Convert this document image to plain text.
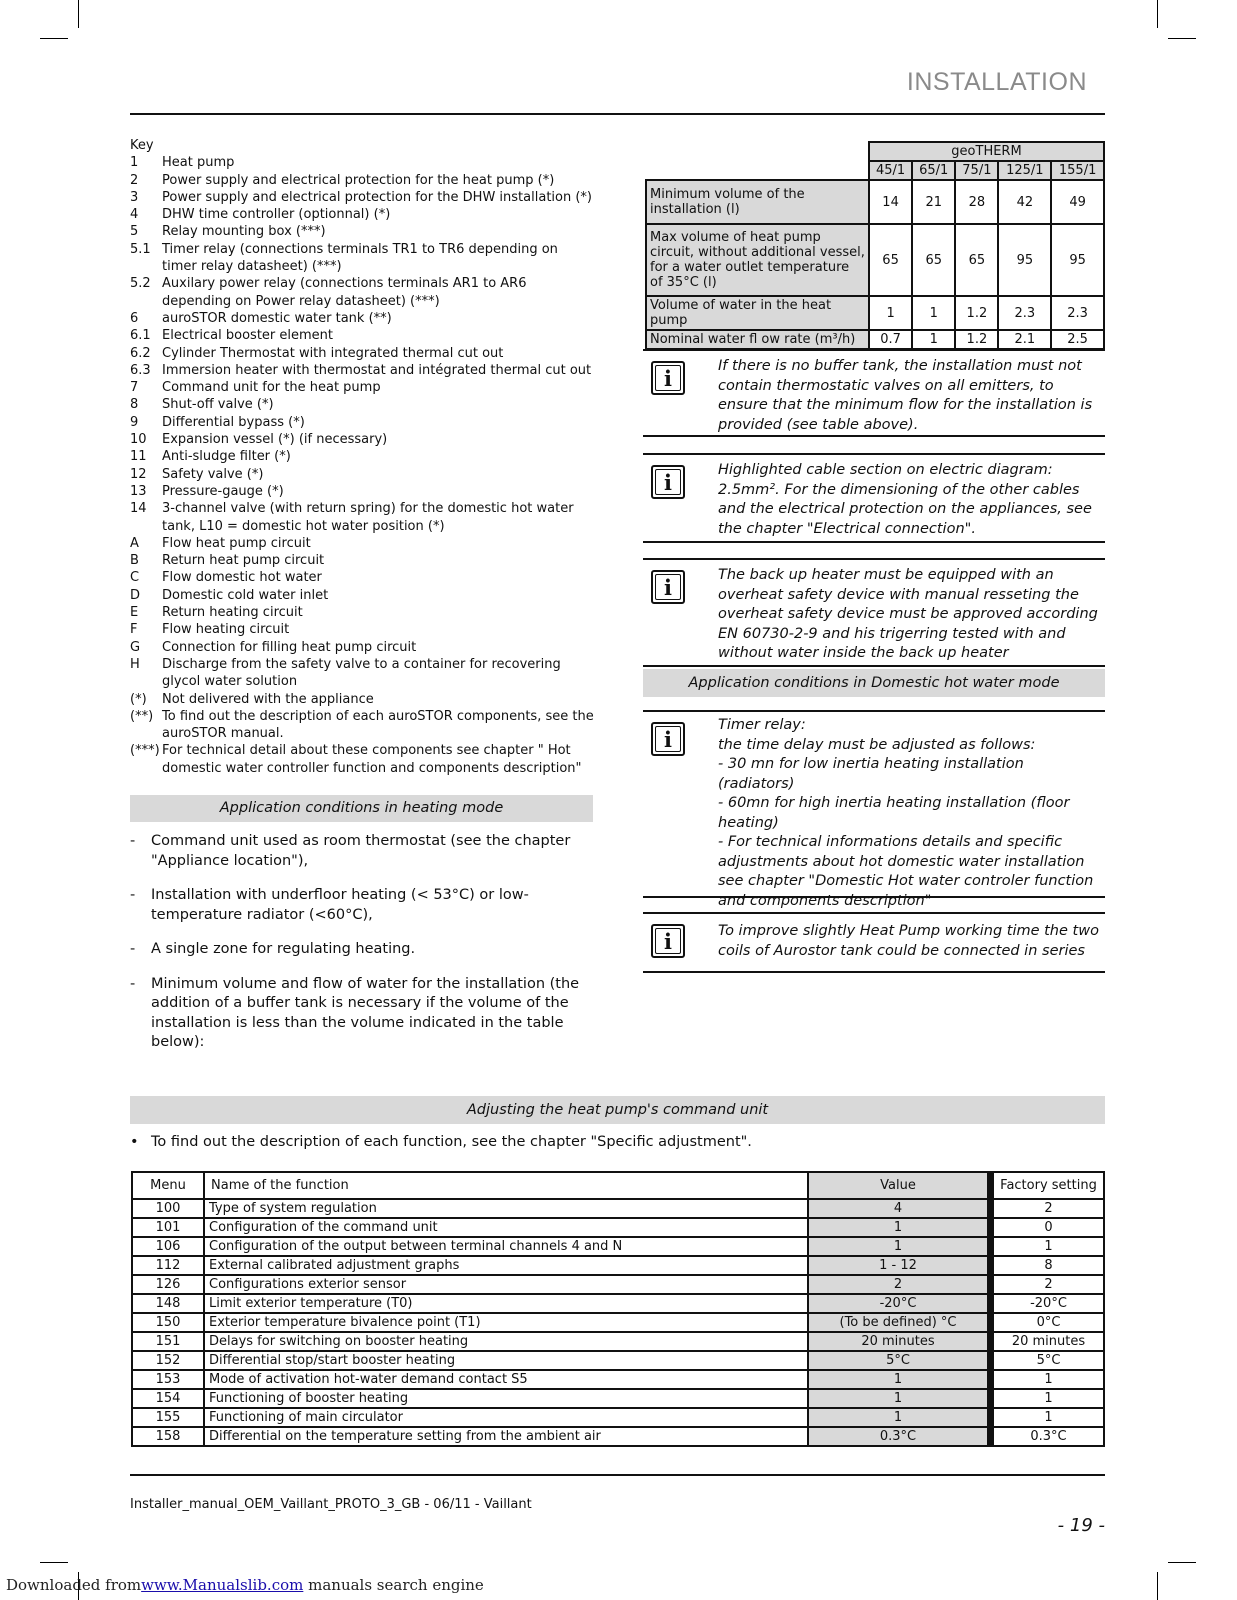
INSTALLATION
Key
1	Heat pump
2	Power supply and electrical protection for the heat pump (*)
3	Power supply and electrical protection for the DHW installation (*)
4	DHW time controller (optionnal) (*)
5	Relay mounting box (***)
5.1 Timer relay (connections terminals TR1 to TR6 depending on timer relay datasheet) (***)
5.2 Auxilary power relay (connections terminals AR1 to AR6 depending on Power relay datasheet) (***)
6	auroSTOR domestic water tank (**)
6.1 Electrical booster element
6.2 Cylinder Thermostat with integrated thermal cut out
6.3 Immersion heater with thermostat and intégrated thermal cut out
7	Command unit for the heat pump
8	Shut-off valve (*)
9	Differential bypass (*)
10	Expansion vessel (*) (if necessary)
11	Anti-sludge filter (*)
12	Safety valve (*)
13	Pressure-gauge (*)
14	3-channel valve (with return spring) for the domestic hot water tank, L10 = domestic hot water position (*)
A	Flow heat pump circuit
B	Return heat pump circuit
C	Flow domestic hot water
D	Domestic cold water inlet
E	Return heating circuit
F	Flow heating circuit
G	Connection for filling heat pump circuit
H	Discharge from the safety valve to a container for recovering glycol water solution
(*)	Not delivered with the appliance
(**) To find out the description of each auroSTOR components, see the auroSTOR manual.
(***) For technical detail about these components see chapter " Hot domestic water controller function and components description"
Application conditions in heating mode
-	Command unit used as room thermostat (see the chapter "Appliance location"),
-	Installation with underfloor heating (< 53°C) or low-temperature radiator (<60°C),
-	A single zone for regulating heating.
-	Minimum volume and flow of water for the installation (the addition of a buffer tank is necessary if the volume of the installation is less than the volume indicated in the table below):
	geoTHERM				
	45/1	65/1	75/1	125/1	155/1
Minimum volume of the installation (l)	14	21	28	42	49
Max volume of heat pump circuit, without additional vessel, for a water outlet temperature of 35°C (l)	65	65	65	95	95
Volume of water in the heat pump	1	1	1.2	2.3	2.3
Nominal water fl ow rate (m³/h)	0.7	1	1.2	2.1	2.5
i	If there is no buffer tank, the installation must not contain thermostatic valves on all emitters, to ensure that the minimum flow for the installation is provided (see table above).
i	Highlighted cable section on electric diagram: 2.5mm². For the dimensioning of the other cables and the electrical protection on the appliances, see the chapter "Electrical connection".
i	The back up heater must be equipped with an overheat safety device with manual resseting the overheat safety device must be approved according EN 60730-2-9 and his trigerring tested with and without water inside the back up heater
Application conditions in Domestic hot water mode
i
Timer relay:
the time delay must be adjusted as follows:
- 30 mn for low inertia heating installation (radiators)
- 60mn for high inertia heating installation (floor heating)
- For technical informations details and specific adjustments about hot domestic water installation see chapter "Domestic Hot water controler function and components description"
i	To improve slightly Heat Pump working time the two coils of Aurostor tank could be connected in series
Adjusting the heat pump's command unit
• To find out the description of each function, see the chapter "Specific adjustment".
Menu	Name of the function	Value	Factory setting
100	Type of system regulation	4	2
101	Configuration of the command unit	1	0
106	Configuration of the output between terminal channels 4 and N	1	1
112	External calibrated adjustment graphs	1 - 12	8
126	Configurations exterior sensor	2	2
148	Limit exterior temperature (T0)	-20°C	-20°C
150	Exterior temperature bivalence point (T1)	(To be defined) °C	0°C
151	Delays for switching on booster heating	20 minutes	20 minutes
152	Differential stop/start booster heating	5°C	5°C
153	Mode of activation hot-water demand contact S5	1	1
154	Functioning of booster heating	1	1
155	Functioning of main circulator	1	1
158	Differential on the temperature setting from the ambient air	0.3°C	0.3°C
Installer_manual_OEM_Vaillant_PROTO_3_GB - 06/11 - Vaillant
- 19 -
Downloaded fromwww.Manualslib.com manuals search engine
